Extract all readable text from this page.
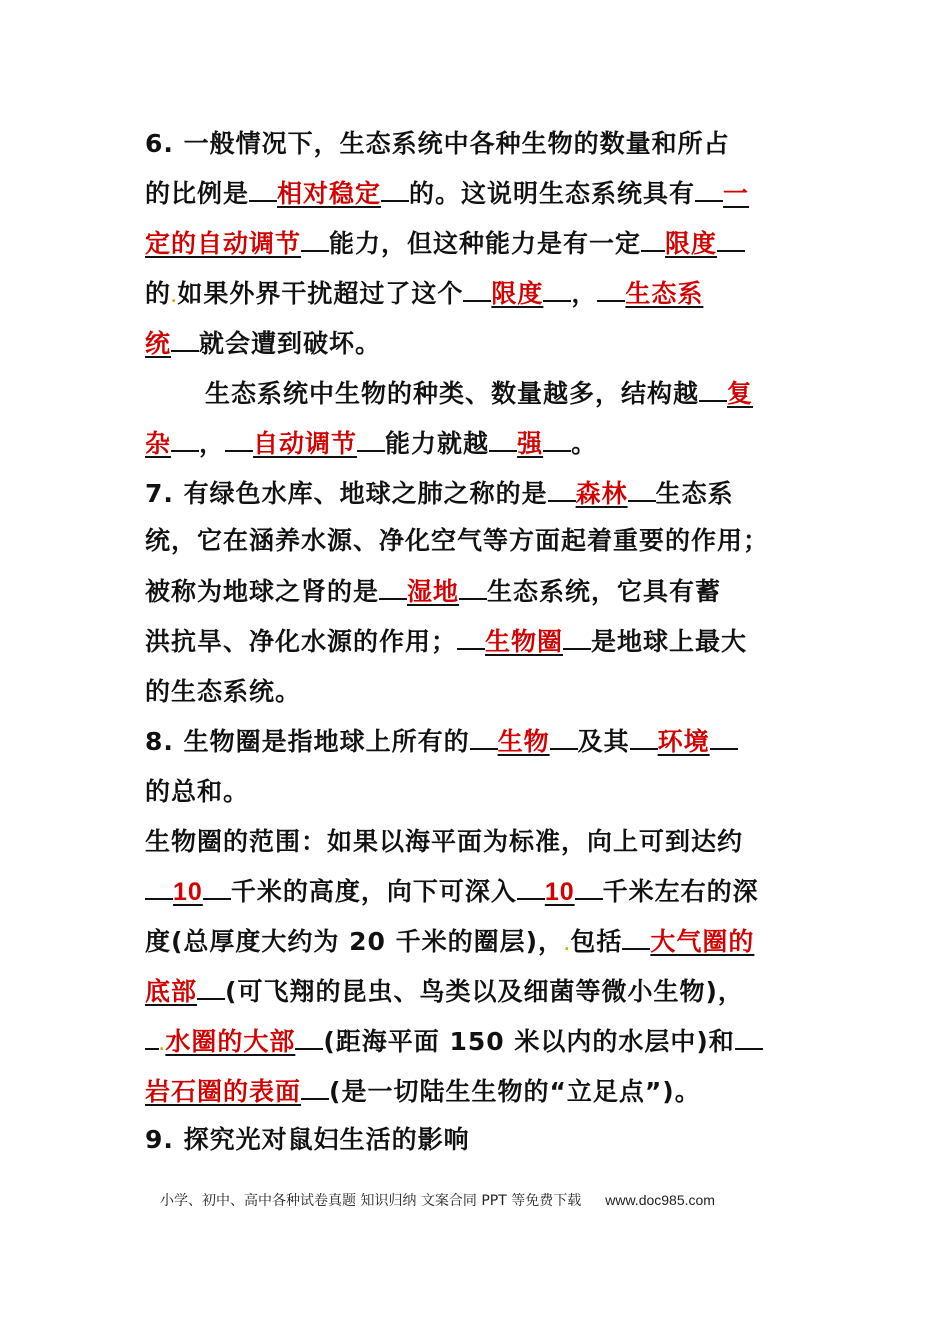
6. 一般情况下，生态系统中各种生物的数量和所占
的比例是 相对稳定 的。这说明生态系统具有 一
定的自动调节 能力，但这种能力是有一定 限度
的.如果外界干扰超过了这个 限度 ， 生态系
统 就会遭到破坏。
生态系统中生物的种类、数量越多，结构越 复
杂 ， 自动调节 能力就越 强 。
7. 有绿色水库、地球之肺之称的是 森林 生态系
统，它在涵养水源、净化空气等方面起着重要的作用；
被称为地球之肾的是 湿地 生态系统，它具有蓄
洪抗旱、净化水源的作用； 生物圈 是地球上最大
的生态系统。
8. 生物圈是指地球上所有的 生物 及其 环境
的总和。
生物圈的范围：如果以海平面为标准，向上可到达约
10 千米的高度，向下可深入 10 千米左右的深
度(总厚度大约为 20 千米的圈层)，.包括 大气圈的
底部 (可飞翔的昆虫、鸟类以及细菌等微小生物)，
.水圈的大部 (距海平面 150 米以内的水层中)和
岩石圈的表面 (是一切陆生生物的“立足点”)。
9. 探究光对鼠妇生活的影响
小学、初中、高中各种试卷真题 知识归纳 文案合同 PPT 等免费下载 www.doc985.com
